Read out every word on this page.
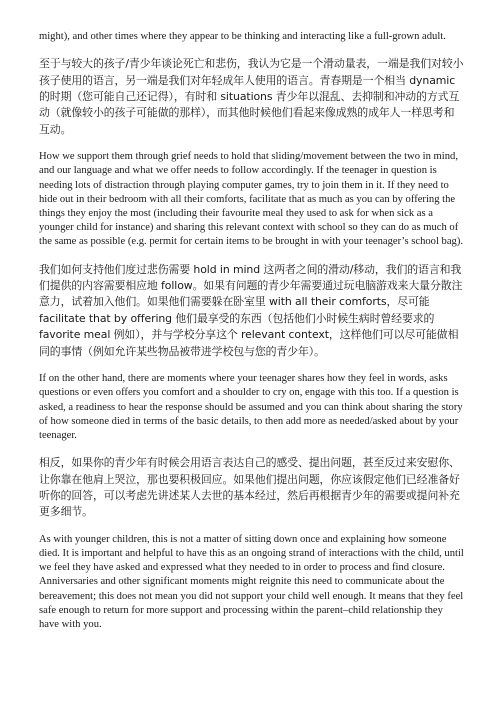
might), and other times where they appear to be thinking and interacting like a full-grown adult.

至于与较大的孩子/青少年谈论死亡和悲伤，我认为它是一个滑动量表，一端是我们对较小孩子使用的语言，另一端是我们对年轻成年人使用的语言。青春期是一个相当 dynamic 的时期（您可能自己还记得），有时和 situations 青少年以混乱、去抑制和冲动的方式互动（就像较小的孩子可能做的那样），而其他时候他们看起来像成熟的成年人一样思考和互动。

How we support them through grief needs to hold that sliding/movement between the two in mind, and our language and what we offer needs to follow accordingly. If the teenager in question is needing lots of distraction through playing computer games, try to join them in it. If they need to hide out in their bedroom with all their comforts, facilitate that as much as you can by offering the things they enjoy the most (including their favourite meal they used to ask for when sick as a younger child for instance) and sharing this relevant context with school so they can do as much of the same as possible (e.g. permit for certain items to be brought in with your teenager’s school bag).

我们如何支持他们度过悲伤需要 hold in mind 这两者之间的滑动/移动，我们的语言和我们提供的内容需要相应地 follow。如果有问题的青少年需要通过玩电脑游戏来大量分散注意力，试着加入他们。如果他们需要躲在卧室里 with all their comforts，尽可能 facilitate that by offering 他们最享受的东西（包括他们小时候生病时曾经要求的 favorite meal 例如），并与学校分享这个 relevant context，这样他们可以尽可能做相同的事情（例如允许某些物品被带进学校包与您的青少年）。

If on the other hand, there are moments where your teenager shares how they feel in words, asks questions or even offers you comfort and a shoulder to cry on, engage with this too. If a question is asked, a readiness to hear the response should be assumed and you can think about sharing the story of how someone died in terms of the basic details, to then add more as needed/asked about by your teenager.

相反，如果你的青少年有时候会用语言表达自己的感受、提出问题，甚至反过来安慰你、让你靠在他肩上哭泣，那也要积极回应。如果他们提出问题，你应该假定他们已经准备好听你的回答，可以考虑先讲述某人去世的基本经过，然后再根据青少年的需要或提问补充更多细节。

As with younger children, this is not a matter of sitting down once and explaining how someone died. It is important and helpful to have this as an ongoing strand of interactions with the child, until we feel they have asked and expressed what they needed to in order to process and find closure. Anniversaries and other significant moments might reignite this need to communicate about the bereavement; this does not mean you did not support your child well enough. It means that they feel safe enough to return for more support and processing within the parent–child relationship they have with you.
